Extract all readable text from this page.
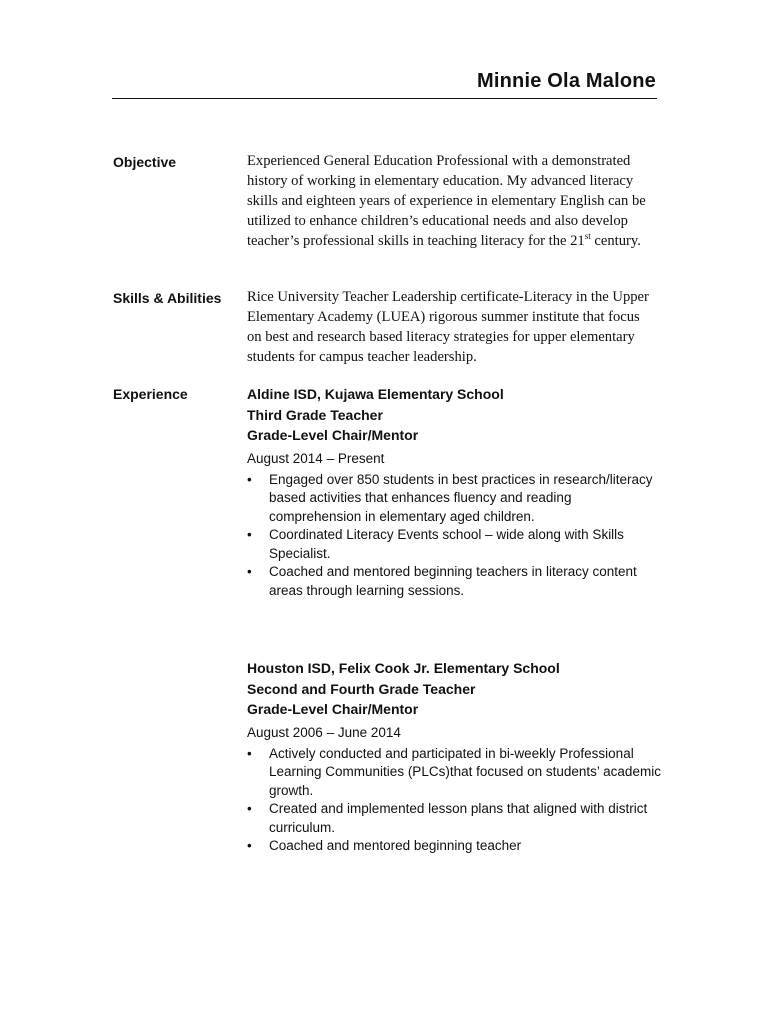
Minnie Ola Malone
Objective	Experienced General Education Professional with a demonstrated history of working in elementary education. My advanced literacy skills and eighteen years of experience in elementary English can be utilized to enhance children’s educational needs and also develop teacher’s professional skills in teaching literacy for the 21st century.
Skills & Abilities Rice University Teacher Leadership certificate-Literacy in the Upper Elementary Academy (LUEA) rigorous summer institute that focus on best and research based literacy strategies for upper elementary students for campus teacher leadership.
Experience	Aldine ISD, Kujawa Elementary School
Third Grade Teacher
Grade-Level Chair/Mentor
August 2014 – Present
• Engaged over 850 students in best practices in research/literacy based activities that enhances fluency and reading comprehension in elementary aged children.
• Coordinated Literacy Events school – wide along with Skills Specialist.
• Coached and mentored beginning teachers in literacy content areas through learning sessions.
Houston ISD, Felix Cook Jr. Elementary School
Second and Fourth Grade Teacher
Grade-Level Chair/Mentor
August 2006 – June 2014
• Actively conducted and participated in bi-weekly Professional Learning Communities (PLCs)that focused on students’ academic growth.
• Created and implemented lesson plans that aligned with district curriculum.
• Coached and mentored beginning teacher
